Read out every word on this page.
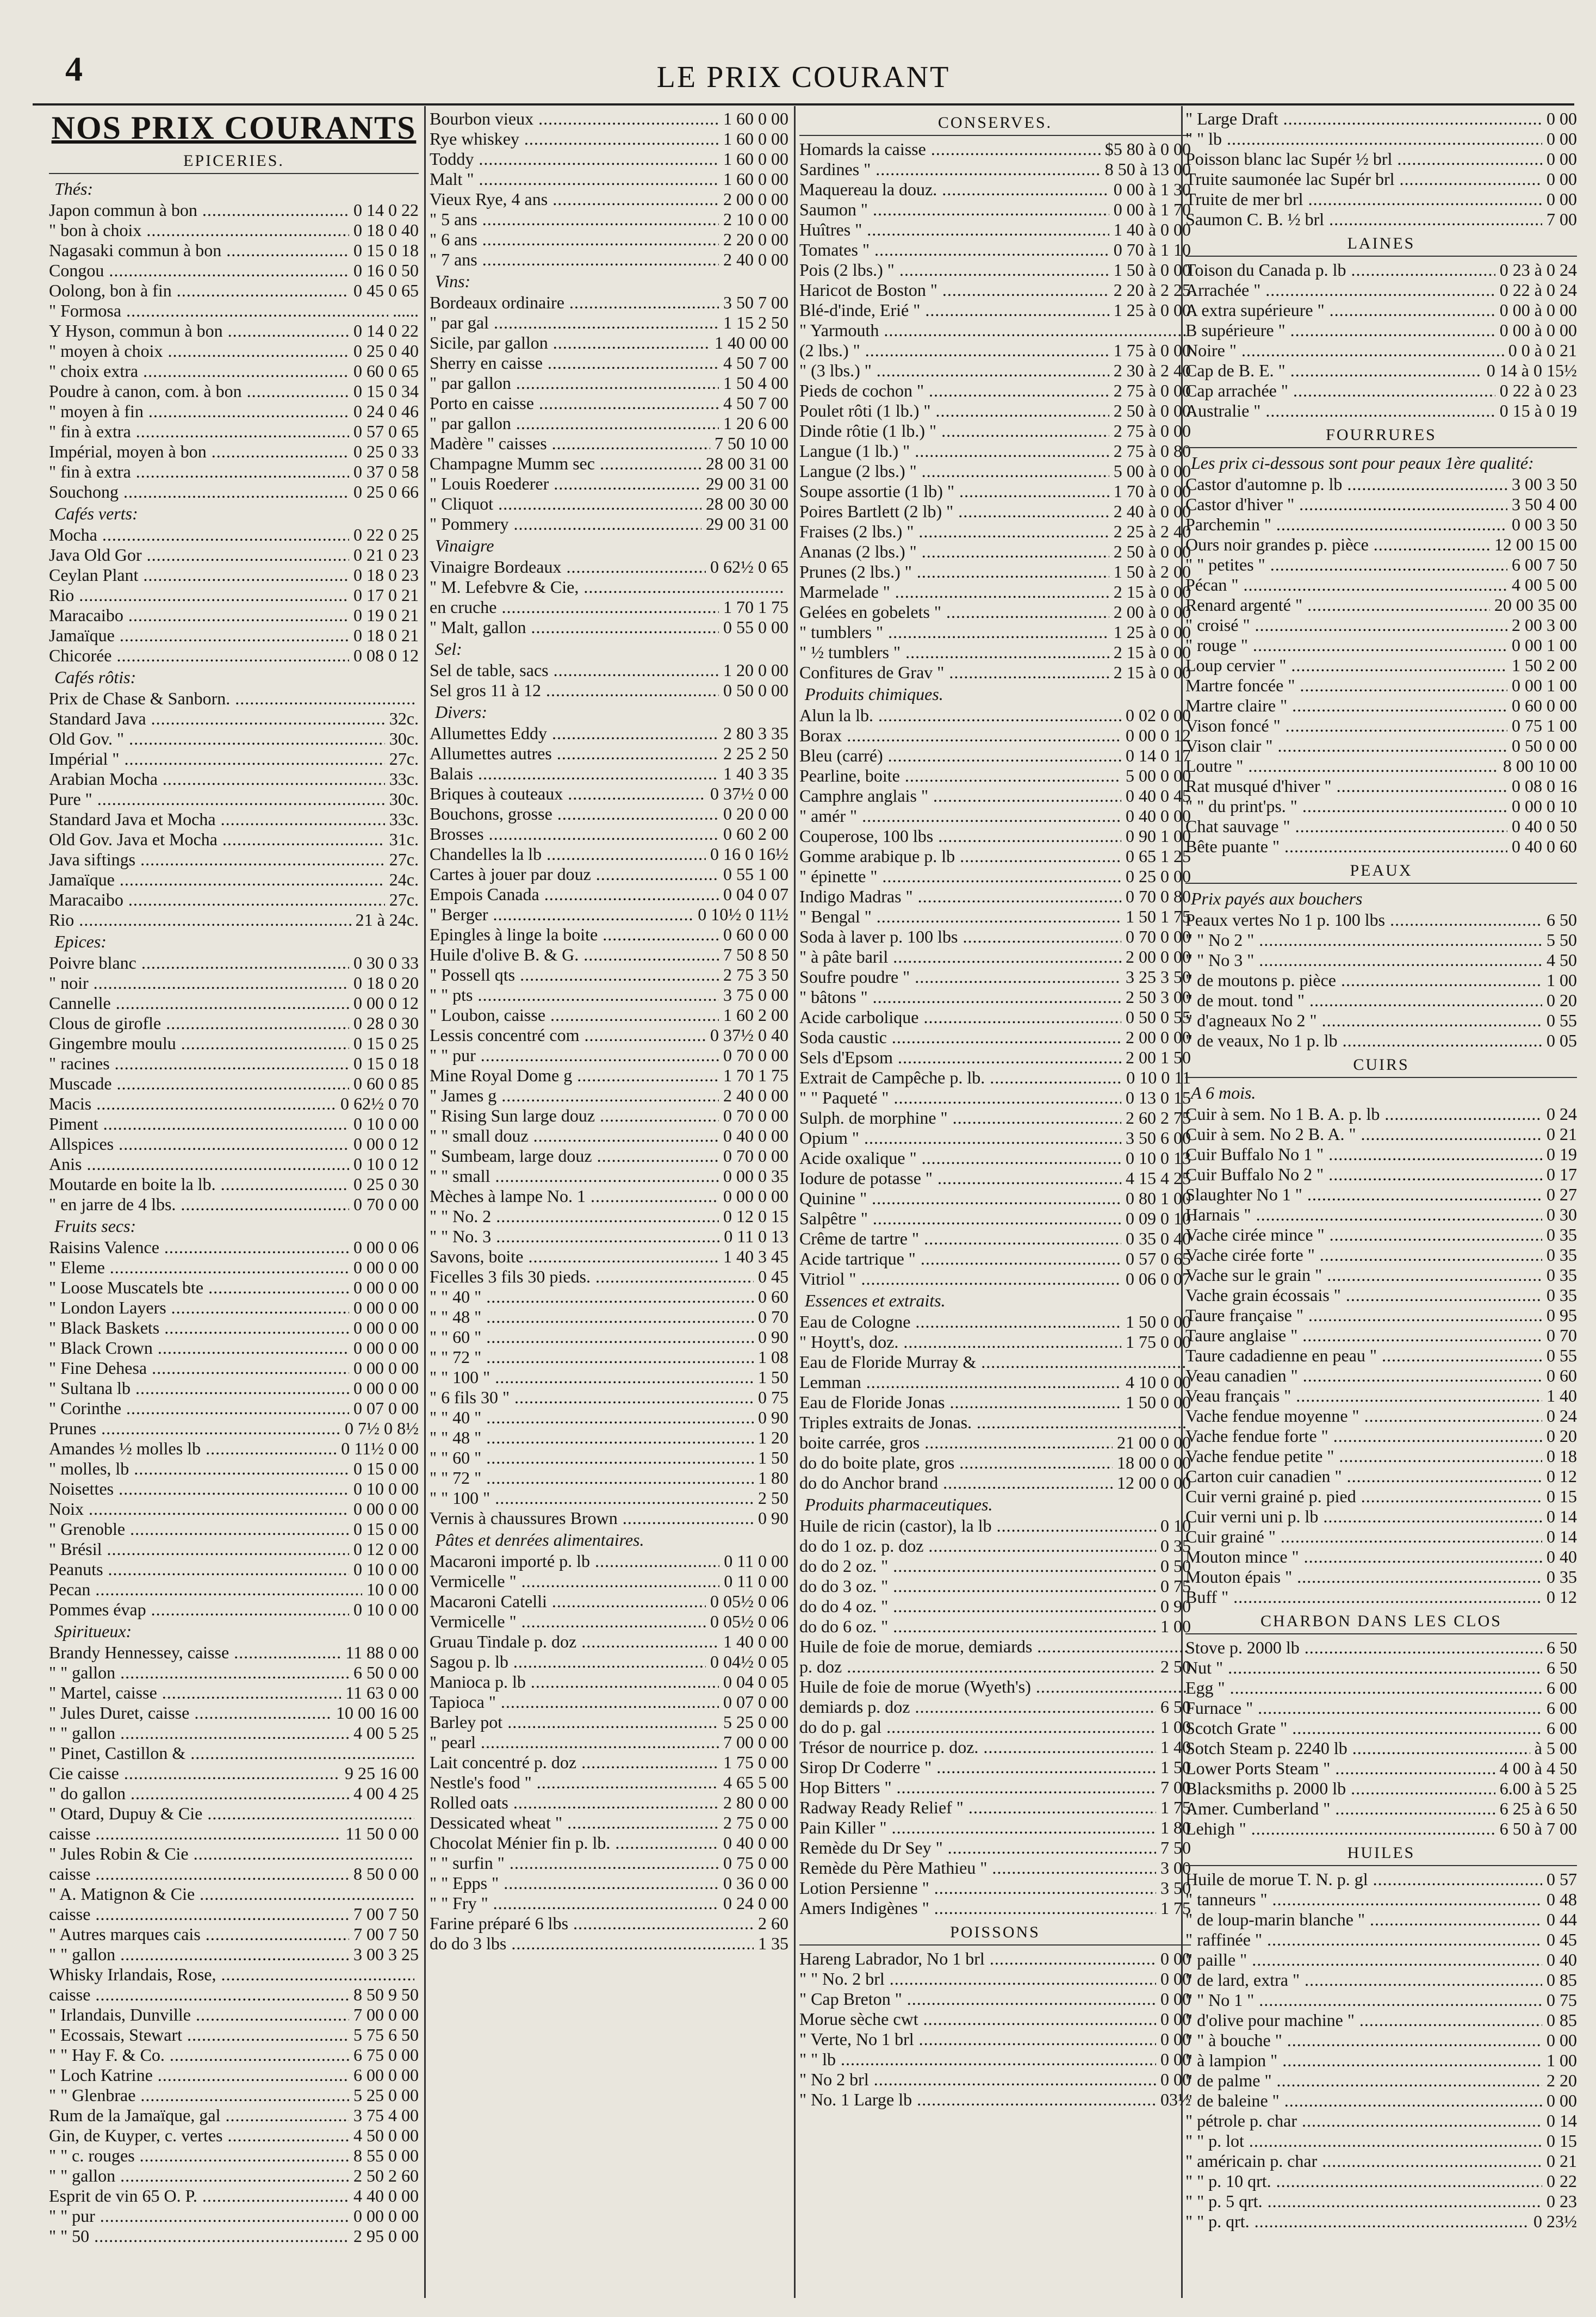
4	LE PRIX COURANT
NOS PRIX COURANTS
EPICERIES.
Thés:
Japon commun à bon .....	0 14 0 22
" bon à choix .....	0 18 0 40
Nagasaki commun à bon .....	0 15 0 18
Congou .....	0 16 0 50
Oolong, bon à fin .....	0 45 0 65
" Formosa .....	......
Y Hyson, commun à bon .....	0 14 0 22
" moyen à choix .....	0 25 0 40
" choix extra .....	0 60 0 65
Poudre à canon, com. à bon .....	0 15 0 34
" moyen à fin .....	0 24 0 46
" fin à extra .....	0 57 0 65
Impérial, moyen à bon .....	0 25 0 33
" fin à extra .....	0 37 0 58
Souchong .....	0 25 0 66
Cafés verts:
Mocha .....	0 22 0 25
Java Old Gor .....	0 21 0 23
Ceylan Plant .....	0 18 0 23
Rio .....	0 17 0 21
Maracaibo .....	0 19 0 21
Jamaïque .....	0 18 0 21
Chicorée .....	0 08 0 12
Cafés rôtis:
Prix de Chase & Sanborn. .....
Standard Java .....	32c.
Old Gov. " .....	30c.
Impérial " .....	27c.
Arabian Mocha .....	33c.
Pure " .....	30c.
Standard Java et Mocha .....	33c.
Old Gov. Java et Mocha .....	31c.
Java siftings .....	27c.
Jamaïque .....	24c.
Maracaibo .....	27c.
Rio .....	21 à 24c.
Epices:
Poivre blanc .....	0 30 0 33
" noir .....	0 18 0 20
Cannelle .....	0 00 0 12
Clous de girofle .....	0 28 0 30
Gingembre moulu .....	0 15 0 25
" racines .....	0 15 0 18
Muscade .....	0 60 0 85
Macis .....	0 62½ 0 70
Piment .....	0 10 0 00
Allspices .....	0 00 0 12
Anis .....	0 10 0 12
Moutarde en boite la lb. .....	0 25 0 30
" en jarre de 4 lbs. .....	0 70 0 00
Fruits secs:
Raisins Valence .....	0 00 0 06
" Eleme .....	0 00 0 00
" Loose Muscatels bte .....	0 00 0 00
" London Layers .....	0 00 0 00
" Black Baskets .....	0 00 0 00
" Black Crown .....	0 00 0 00
" Fine Dehesa .....	0 00 0 00
" Sultana lb .....	0 00 0 00
" Corinthe .....	0 07 0 00
Prunes .....	0 7½ 0 8½
Amandes ½ molles lb .....	0 11½ 0 00
" molles, lb .....	0 15 0 00
Noisettes .....	0 10 0 00
Noix .....	0 00 0 00
" Grenoble .....	0 15 0 00
" Brésil .....	0 12 0 00
Peanuts .....	0 10 0 00
Pecan .....	10 0 00
Pommes évap .....	0 10 0 00
Spiritueux:
Brandy Hennessey, caisse .....	11 88 0 00
" " gallon .....	6 50 0 00
" Martel, caisse .....	11 63 0 00
" Jules Duret, caisse .....	10 00 16 00
" " gallon .....	4 00 5 25
" Pinet, Castillon & .....
Cie caisse .....	9 25 16 00
" do gallon .....	4 00 4 25
" Otard, Dupuy & Cie .....
caisse .....	11 50 0 00
" Jules Robin & Cie .....
caisse .....	8 50 0 00
" A. Matignon & Cie .....
caisse .....	7 00 7 50
" Autres marques cais .....	7 00 7 50
" " gallon .....	3 00 3 25
Whisky Irlandais, Rose, .....
caisse .....	8 50 9 50
" Irlandais, Dunville .....	7 00 0 00
" Ecossais, Stewart .....	5 75 6 50
" " Hay F. & Co. .....	6 75 0 00
" Loch Katrine .....	6 00 0 00
" " Glenbrae .....	5 25 0 00
Rum de la Jamaïque, gal .....	3 75 4 00
Gin, de Kuyper, c. vertes .....	4 50 0 00
" " c. rouges .....	8 55 0 00
" " gallon .....	2 50 2 60
Esprit de vin 65 O. P. .....	4 40 0 00
" " pur .....	0 00 0 00
" " 50 .....	2 95 0 00
Bourbon vieux .....	1 60 0 00
Rye whiskey .....	1 60 0 00
Toddy .....	1 60 0 00
Malt " .....	1 60 0 00
Vieux Rye, 4 ans .....	2 00 0 00
" 5 ans .....	2 10 0 00
" 6 ans .....	2 20 0 00
" 7 ans .....	2 40 0 00
Vins:
Bordeaux ordinaire .....	3 50 7 00
" par gal .....	1 15 2 50
Sicile, par gallon .....	1 40 00 00
Sherry en caisse .....	4 50 7 00
" par gallon .....	1 50 4 00
Porto en caisse .....	4 50 7 00
" par gallon .....	1 20 6 00
Madère " caisses .....	7 50 10 00
Champagne Mumm sec .....	28 00 31 00
" Louis Roederer .....	29 00 31 00
" Cliquot .....	28 00 30 00
" Pommery .....	29 00 31 00
Vinaigre
Vinaigre Bordeaux .....	0 62½ 0 65
" M. Lefebvre & Cie, .....
en cruche .....	1 70 1 75
" Malt, gallon .....	0 55 0 00
Sel:
Sel de table, sacs .....	1 20 0 00
Sel gros 11 à 12 .....	0 50 0 00
Divers:
Allumettes Eddy .....	2 80 3 35
Allumettes autres .....	2 25 2 50
Balais .....	1 40 3 35
Briques à couteaux .....	0 37½ 0 00
Bouchons, grosse .....	0 20 0 00
Brosses .....	0 60 2 00
Chandelles la lb .....	0 16 0 16½
Cartes à jouer par douz .....	0 55 1 00
Empois Canada .....	0 04 0 07
" Berger .....	0 10½ 0 11½
Epingles à linge la boite .....	0 60 0 00
Huile d'olive B. & G. .....	7 50 8 50
" Possell qts .....	2 75 3 50
" " pts .....	3 75 0 00
" Loubon, caisse .....	1 60 2 00
Lessis concentré com .....	0 37½ 0 40
" " pur .....	0 70 0 00
Mine Royal Dome g .....	1 70 1 75
" James g .....	2 40 0 00
" Rising Sun large douz .....	0 70 0 00
" " small douz .....	0 40 0 00
" Sumbeam, large douz .....	0 70 0 00
" " small .....	0 00 0 35
Mèches à lampe No. 1 .....	0 00 0 00
" " No. 2 .....	0 12 0 15
" " No. 3 .....	0 11 0 13
Savons, boite .....	1 40 3 45
Ficelles 3 fils 30 pieds. .....	0 45
" " 40 " .....	0 60
" " 48 " .....	0 70
" " 60 " .....	0 90
" " 72 " .....	1 08
" " 100 " .....	1 50
" 6 fils 30 " .....	0 75
" " 40 " .....	0 90
" " 48 " .....	1 20
" " 60 " .....	1 50
" " 72 " .....	1 80
" " 100 " .....	2 50
Vernis à chaussures Brown .....	0 90
Pâtes et denrées alimentaires.
Macaroni importé p. lb .....	0 11 0 00
Vermicelle " .....	0 11 0 00
Macaroni Catelli .....	0 05½ 0 06
Vermicelle " .....	0 05½ 0 06
Gruau Tindale p. doz .....	1 40 0 00
Sagou p. lb .....	0 04½ 0 05
Manioca p. lb .....	0 04 0 05
Tapioca " .....	0 07 0 00
Barley pot .....	5 25 0 00
" pearl .....	7 00 0 00
Lait concentré p. doz .....	1 75 0 00
Nestle's food " .....	4 65 5 00
Rolled oats .....	2 80 0 00
Dessicated wheat " .....	2 75 0 00
Chocolat Ménier fin p. lb. .....	0 40 0 00
" " surfin " .....	0 75 0 00
" " Epps " .....	0 36 0 00
" " Fry " .....	0 24 0 00
Farine préparé 6 lbs .....	2 60
do do 3 lbs .....	1 35
CONSERVES.
Homards la caisse .....	$5 80 à 0 00
Sardines " .....	8 50 à 13 00
Maquereau la douz. .....	0 00 à 1 30
Saumon " .....	0 00 à 1 70
Huîtres " .....	1 40 à 0 00
Tomates " .....	0 70 à 1 10
Pois (2 lbs.) " .....	1 50 à 0 00
Haricot de Boston " .....	2 20 à 2 25
Blé-d'inde, Erié " .....	1 25 à 0 00
" Yarmouth .....
(2 lbs.) " .....	1 75 à 0 00
" (3 lbs.) " .....	2 30 à 2 40
Pieds de cochon " .....	2 75 à 0 00
Poulet rôti (1 lb.) " .....	2 50 à 0 00
Dinde rôtie (1 lb.) " .....	2 75 à 0 00
Langue (1 lb.) " .....	2 75 à 0 80
Langue (2 lbs.) " .....	5 00 à 0 00
Soupe assortie (1 lb) " .....	1 70 à 0 00
Poires Bartlett (2 lb) " .....	2 40 à 0 00
Fraises (2 lbs.) " .....	2 25 à 2 40
Ananas (2 lbs.) " .....	2 50 à 0 00
Prunes (2 lbs.) " .....	1 50 à 2 00
Marmelade " .....	2 15 à 0 00
Gelées en gobelets " .....	2 00 à 0 00
" tumblers " .....	1 25 à 0 00
" ½ tumblers " .....	2 15 à 0 00
Confitures de Grav " .....	2 15 à 0 00
Produits chimiques.
Alun la lb. .....	0 02 0 00
Borax .....	0 00 0 12
Bleu (carré) .....	0 14 0 17
Pearline, boite .....	5 00 0 00
Camphre anglais " .....	0 40 0 45
" amér " .....	0 40 0 00
Couperose, 100 lbs .....	0 90 1 00
Gomme arabique p. lb .....	0 65 1 25
" épinette " .....	0 25 0 00
Indigo Madras " .....	0 70 0 80
" Bengal " .....	1 50 1 75
Soda à laver p. 100 lbs .....	0 70 0 00
" à pâte baril .....	2 00 0 00
Soufre poudre " .....	3 25 3 50
" bâtons " .....	2 50 3 00
Acide carbolique .....	0 50 0 55
Soda caustic .....	2 00 0 00
Sels d'Epsom .....	2 00 1 50
Extrait de Campêche p. lb. .....	0 10 0 11
" " Paqueté " .....	0 13 0 15
Sulph. de morphine " .....	2 60 2 75
Opium " .....	3 50 6 00
Acide oxalique " .....	0 10 0 13
Iodure de potasse " .....	4 15 4 25
Quinine " .....	0 80 1 00
Salpêtre " .....	0 09 0 10
Crême de tartre " .....	0 35 0 40
Acide tartrique " .....	0 57 0 65
Vitriol " .....	0 06 0 07
Essences et extraits.
Eau de Cologne .....	1 50 0 00
" Hoytt's, doz. .....	1 75 0 00
Eau de Floride Murray & .....
Lemman .....	4 10 0 00
Eau de Floride Jonas .....	1 50 0 00
Triples extraits de Jonas. .....
boite carrée, gros .....	21 00 0 00
do do boite plate, gros .....	18 00 0 00
do do Anchor brand .....	12 00 0 00
Produits pharmaceutiques.
Huile de ricin (castor), la lb .....	0 10
do do 1 oz. p. doz .....	0 35
do do 2 oz. " .....	0 50
do do 3 oz. " .....	0 75
do do 4 oz. " .....	0 90
do do 6 oz. " .....	1 00
Huile de foie de morue, demiards .....
p. doz .....	2 50
Huile de foie de morue (Wyeth's) .....
demiards p. doz .....	6 50
do do p. gal .....	1 00
Trésor de nourrice p. doz. .....	1 40
Sirop Dr Coderre " .....	1 50
Hop Bitters " .....	7 00
Radway Ready Relief " .....	1 75
Pain Killer " .....	1 80
Remède du Dr Sey " .....	7 50
Remède du Père Mathieu " .....	3 00
Lotion Persienne " .....	3 50
Amers Indigènes " .....	1 75
POISSONS
Hareng Labrador, No 1 brl .....	0 00
" " No. 2 brl .....	0 00
" Cap Breton " .....	0 00
Morue sèche cwt .....	0 00
" Verte, No 1 brl .....	0 00
" " lb .....	0 00
" No 2 brl .....	0 00
" No. 1 Large lb .....	03½
" Large Draft .....	0 00
" " lb .....	0 00
Poisson blanc lac Supér ½ brl .....	0 00
Truite saumonée lac Supér brl .....	0 00
Truite de mer brl .....	0 00
Saumon C. B. ½ brl .....	7 00
LAINES
Toison du Canada p. lb .....	0 23 à 0 24
Arrachée " .....	0 22 à 0 24
A extra supérieure " .....	0 00 à 0 00
B supérieure " .....	0 00 à 0 00
Noire " .....	0 0 à 0 21
Cap de B. E. " .....	0 14 à 0 15½
Cap arrachée " .....	0 22 à 0 23
Australie " .....	0 15 à 0 19
FOURRURES
Les prix ci-dessous sont pour peaux 1ère qualité:
Castor d'automne p. lb .....	3 00 3 50
Castor d'hiver " .....	3 50 4 00
Parchemin " .....	0 00 3 50
Ours noir grandes p. pièce .....	12 00 15 00
" " petites " .....	6 00 7 50
Pécan " .....	4 00 5 00
Renard argenté " .....	20 00 35 00
" croisé " .....	2 00 3 00
" rouge " .....	0 00 1 00
Loup cervier " .....	1 50 2 00
Martre foncée " .....	0 00 1 00
Martre claire " .....	0 60 0 00
Vison foncé " .....	0 75 1 00
Vison clair " .....	0 50 0 00
Loutre " .....	8 00 10 00
Rat musqué d'hiver " .....	0 08 0 16
" " du print'ps. " .....	0 00 0 10
Chat sauvage " .....	0 40 0 50
Bête puante " .....	0 40 0 60
PEAUX
Prix payés aux bouchers
Peaux vertes No 1 p. 100 lbs .....	6 50
" " No 2 " .....	5 50
" " No 3 " .....	4 50
" de moutons p. pièce .....	1 00
" de mout. tond " .....	0 20
" d'agneaux No 2 " .....	0 55
" de veaux, No 1 p. lb .....	0 05
CUIRS
A 6 mois.
Cuir à sem. No 1 B. A. p. lb .....	0 24
Cuir à sem. No 2 B. A. " .....	0 21
Cuir Buffalo No 1 " .....	0 19
Cuir Buffalo No 2 " .....	0 17
Slaughter No 1 " .....	0 27
Harnais " .....	0 30
Vache cirée mince " .....	0 35
Vache cirée forte " .....	0 35
Vache sur le grain " .....	0 35
Vache grain écossais " .....	0 35
Taure française " .....	0 95
Taure anglaise " .....	0 70
Taure cadadienne en peau " .....	0 55
Veau canadien " .....	0 60
Veau français " .....	1 40
Vache fendue moyenne " .....	0 24
Vache fendue forte " .....	0 20
Vache fendue petite " .....	0 18
Carton cuir canadien " .....	0 12
Cuir verni grainé p. pied .....	0 15
Cuir verni uni p. lb .....	0 14
Cuir grainé " .....	0 14
Mouton mince " .....	0 40
Mouton épais " .....	0 35
Buff " .....	0 12
CHARBON DANS LES CLOS
Stove p. 2000 lb .....	6 50
Nut " .....	6 50
Egg " .....	6 00
Furnace " .....	6 00
Scotch Grate " .....	6 00
Sotch Steam p. 2240 lb .....	à 5 00
Lower Ports Steam " .....	4 00 à 4 50
Blacksmiths p. 2000 lb .....	6.00 à 5 25
Amer. Cumberland " .....	6 25 à 6 50
Lehigh " .....	6 50 à 7 00
HUILES
Huile de morue T. N. p. gl .....	0 57
" tanneurs " .....	0 48
" de loup-marin blanche " .....	0 44
" raffinée " .....	0 45
" paille " .....	0 40
" de lard, extra " .....	0 85
" " No 1 " .....	0 75
" d'olive pour machine " .....	0 85
" " à bouche " .....	0 00
" à lampion " .....	1 00
" de palme " .....	2 20
" de baleine " .....	0 00
" pétrole p. char .....	0 14
" " p. lot .....	0 15
" américain p. char .....	0 21
" " p. 10 qrt. .....	0 22
" " p. 5 qrt. .....	0 23
" " p. qrt. .....	0 23½
